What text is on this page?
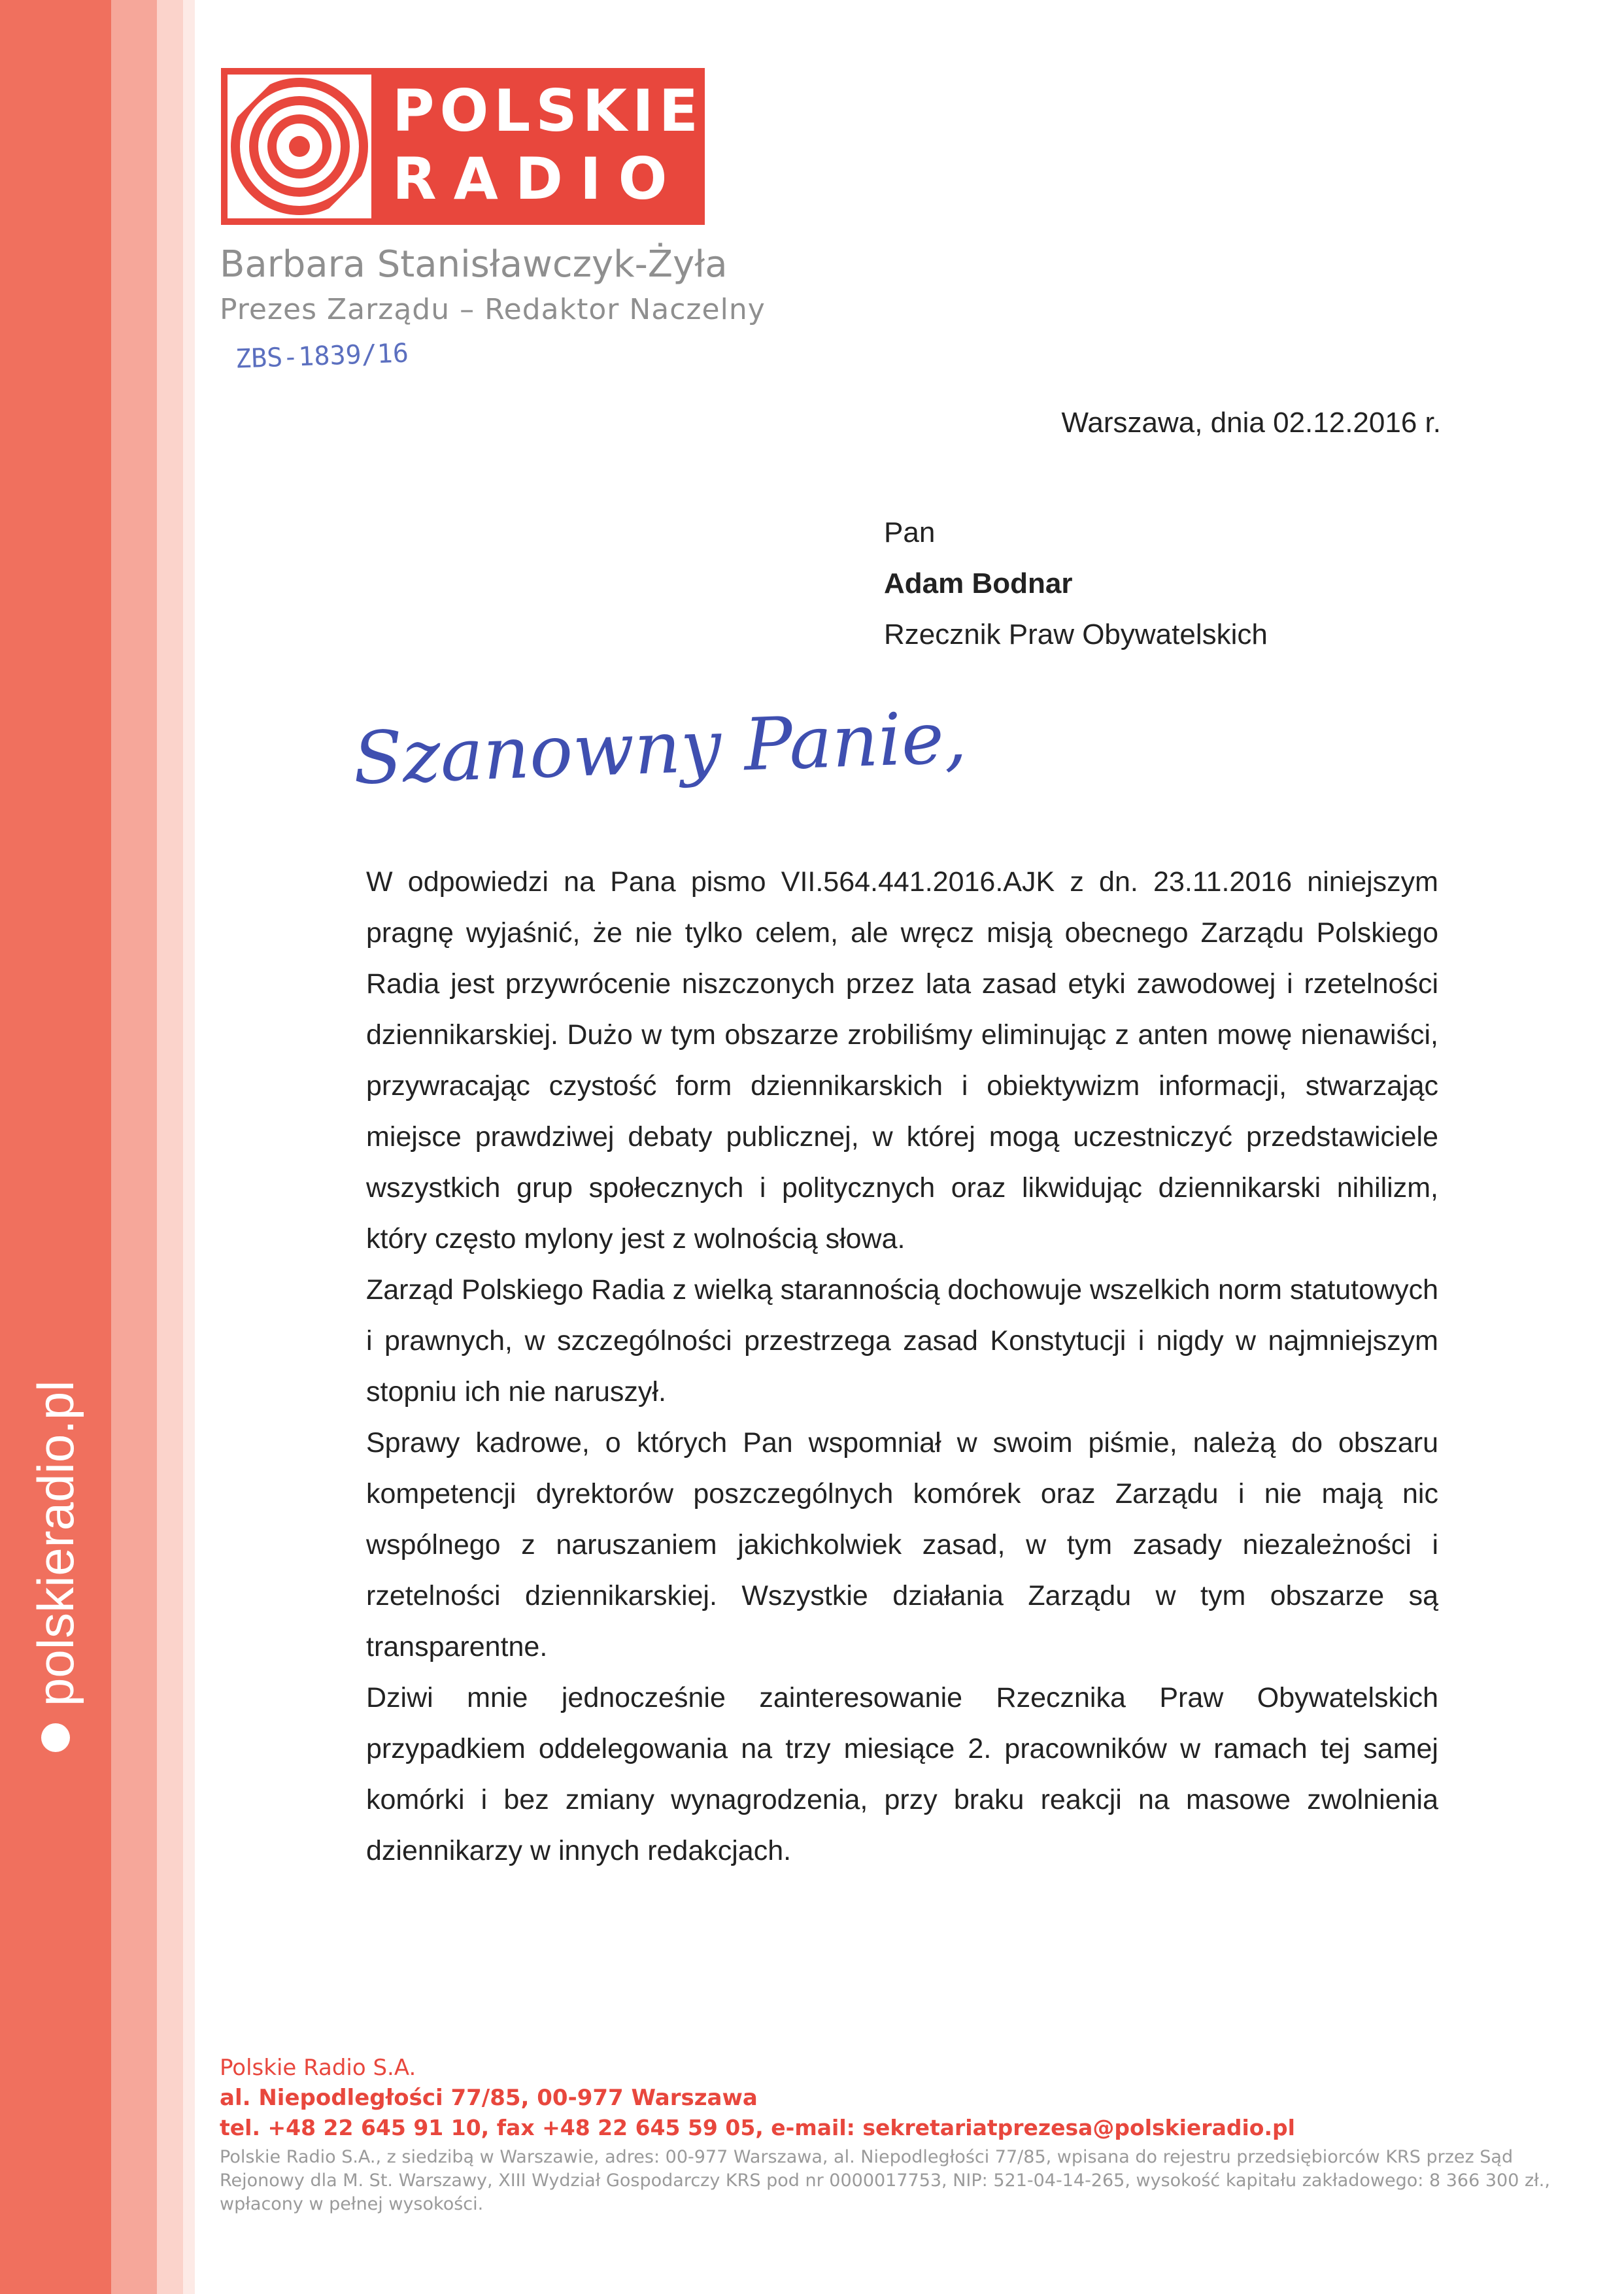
polskieradio.pl
POLSKIE
RADIO
Barbara Stanisławczyk-Żyła
Prezes Zarządu – Redaktor Naczelny
ZBS-1839/16
Warszawa, dnia 02.12.2016 r.
Pan
Adam Bodnar
Rzecznik Praw Obywatelskich
Szanowny Panie,

W odpowiedzi na Pana pismo VII.564.441.2016.AJK z dn. 23.11.2016 niniejszym pragnę wyjaśnić, że nie tylko celem, ale wręcz misją obecnego Zarządu Polskiego Radia jest przywrócenie niszczonych przez lata zasad etyki zawodowej i rzetelności dziennikarskiej. Dużo w tym obszarze zrobiliśmy eliminując z anten mowę nienawiści, przywracając czystość form dziennikarskich i obiektywizm informacji, stwarzając miejsce prawdziwej debaty publicznej, w której mogą uczestniczyć przedstawiciele wszystkich grup społecznych i politycznych oraz likwidując dziennikarski nihilizm, który często mylony jest z wolnością słowa.

Zarząd Polskiego Radia z wielką starannością dochowuje wszelkich norm statutowych i prawnych, w szczególności przestrzega zasad Konstytucji i nigdy w najmniejszym stopniu ich nie naruszył.

Sprawy kadrowe, o których Pan wspomniał w swoim piśmie, należą do obszaru kompetencji dyrektorów poszczególnych komórek oraz Zarządu i nie mają nic wspólnego z naruszaniem jakichkolwiek zasad, w tym zasady niezależności i rzetelności dziennikarskiej. Wszystkie działania Zarządu w tym obszarze są transparentne.

Dziwi mnie jednocześnie zainteresowanie Rzecznika Praw Obywatelskich przypadkiem oddelegowania na trzy miesiące 2. pracowników w ramach tej samej komórki i bez zmiany wynagrodzenia, przy braku reakcji na masowe zwolnienia dziennikarzy w innych redakcjach.

Polskie Radio S.A.
al. Niepodległości 77/85, 00-977 Warszawa
tel. +48 22 645 91 10, fax +48 22 645 59 05, e-mail: sekretariatprezesa@polskieradio.pl
Polskie Radio S.A., z siedzibą w Warszawie, adres: 00-977 Warszawa, al. Niepodległości 77/85, wpisana do rejestru przedsiębiorców KRS przez Sąd Rejonowy dla M. St. Warszawy, XIII Wydział Gospodarczy KRS pod nr 0000017753, NIP: 521-04-14-265, wysokość kapitału zakładowego: 8 366 300 zł., wpłacony w pełnej wysokości.
